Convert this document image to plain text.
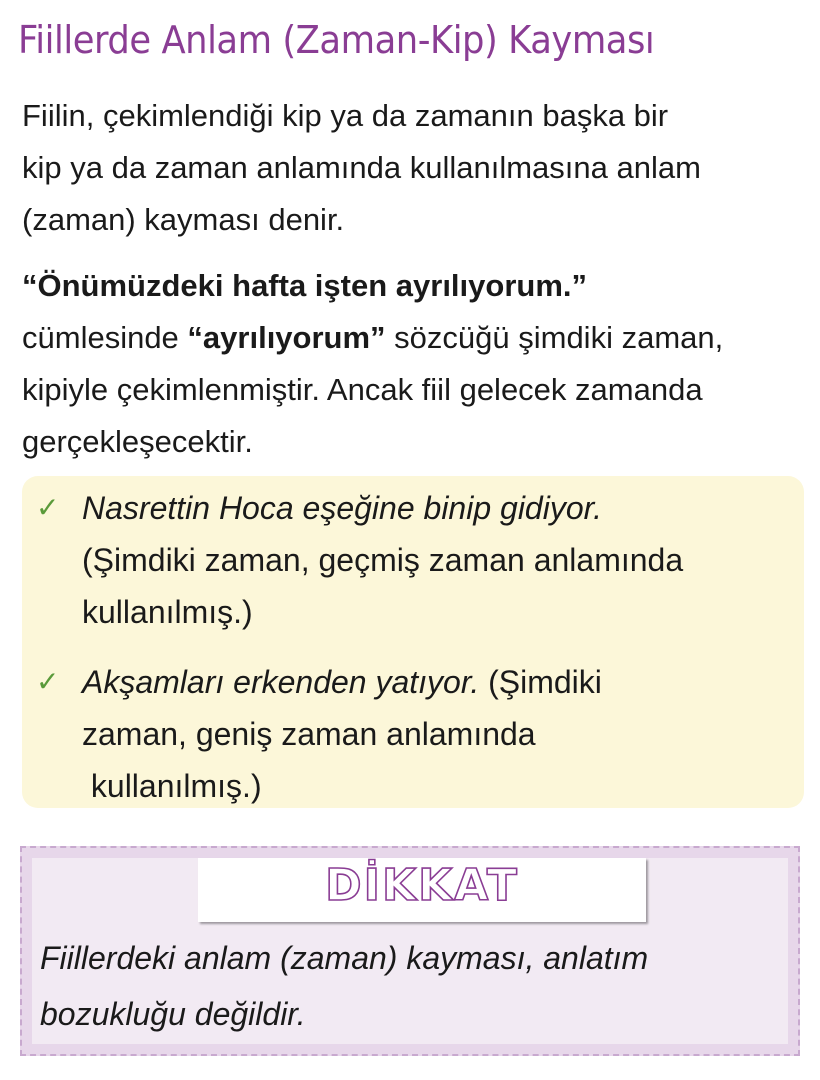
Fiillerde Anlam (Zaman-Kip) Kayması

Fiilin, çekimlendiği kip ya da zamanın başka bir
kip ya da zaman anlamında kullanılmasına anlam
(zaman) kayması denir.

“Önümüzdeki hafta işten ayrılıyorum.”
cümlesinde “ayrılıyorum” sözcüğü şimdiki zaman,
kipiyle çekimlenmiştir. Ancak fiil gelecek zamanda
gerçekleşecektir.

✓ Nasrettin Hoca eşeğine binip gidiyor.
(Şimdiki zaman, geçmiş zaman anlamında
kullanılmış.)
✓ Akşamları erkenden yatıyor. (Şimdiki
zaman, geniş zaman anlamında
kullanılmış.)
DİKKAT

Fiillerdeki anlam (zaman) kayması, anlatım
bozukluğu değildir.
